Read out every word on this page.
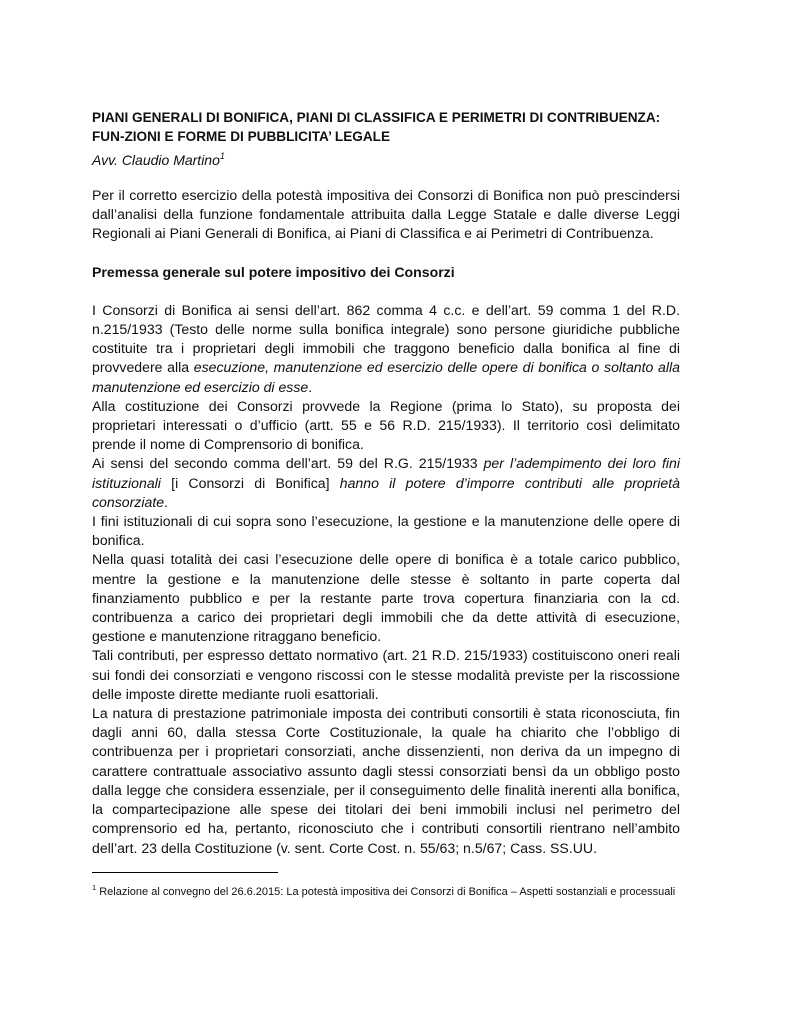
PIANI GENERALI DI BONIFICA, PIANI DI CLASSIFICA E PERIMETRI DI CONTRIBUENZA: FUN-ZIONI E FORME DI PUBBLICITA’ LEGALE

Avv. Claudio Martino$^1$

Per il corretto esercizio della potestà impositiva dei Consorzi di Bonifica non può prescindersi dall’analisi della funzione fondamentale attribuita dalla Legge Statale e dalle diverse Leggi Regionali ai Piani Generali di Bonifica, ai Piani di Classifica e ai Perimetri di Contribuenza.

Premessa generale sul potere impositivo dei Consorzi

I Consorzi di Bonifica ai sensi dell’art. 862 comma 4 c.c. e dell’art. 59 comma 1 del R.D. n.215/1933 (Testo delle norme sulla bonifica integrale) sono persone giuridiche pubbliche costituite tra i proprietari degli immobili che traggono beneficio dalla bonifica al fine di provvedere alla esecuzione, manutenzione ed esercizio delle opere di bonifica o soltanto alla manutenzione ed esercizio di esse.

Alla costituzione dei Consorzi provvede la Regione (prima lo Stato), su proposta dei proprietari interessati o d’ufficio (artt. 55 e 56 R.D. 215/1933). Il territorio così delimitato prende il nome di Comprensorio di bonifica.

Ai sensi del secondo comma dell’art. 59 del R.G. 215/1933 per l’adempimento dei loro fini istituzionali [i Consorzi di Bonifica] hanno il potere d’imporre contributi alle proprietà consorziate.

I fini istituzionali di cui sopra sono l’esecuzione, la gestione e la manutenzione delle opere di bonifica.

Nella quasi totalità dei casi l’esecuzione delle opere di bonifica è a totale carico pubblico, mentre la gestione e la manutenzione delle stesse è soltanto in parte coperta dal finanziamento pubblico e per la restante parte trova copertura finanziaria con la cd. contribuenza a carico dei proprietari degli immobili che da dette attività di esecuzione, gestione e manutenzione ritraggano beneficio.

Tali contributi, per espresso dettato normativo (art. 21 R.D. 215/1933) costituiscono oneri reali sui fondi dei consorziati e vengono riscossi con le stesse modalità previste per la riscossione delle imposte dirette mediante ruoli esattoriali.

La natura di prestazione patrimoniale imposta dei contributi consortili è stata riconosciuta, fin dagli anni 60, dalla stessa Corte Costituzionale, la quale ha chiarito che l’obbligo di contribuenza per i proprietari consorziati, anche dissenzienti, non deriva da un impegno di carattere contrattuale associativo assunto dagli stessi consorziati bensì da un obbligo posto dalla legge che considera essenziale, per il conseguimento delle finalità inerenti alla bonifica, la compartecipazione alle spese dei titolari dei beni immobili inclusi nel perimetro del comprensorio ed ha, pertanto, riconosciuto che i contributi consortili rientrano nell’ambito dell’art. 23 della Costituzione (v. sent. Corte Cost. n. 55/63; n.5/67; Cass. SS.UU.

$^1$ Relazione al convegno del 26.6.2015: La potestà impositiva dei Consorzi di Bonifica – Aspetti sostanziali e processuali
